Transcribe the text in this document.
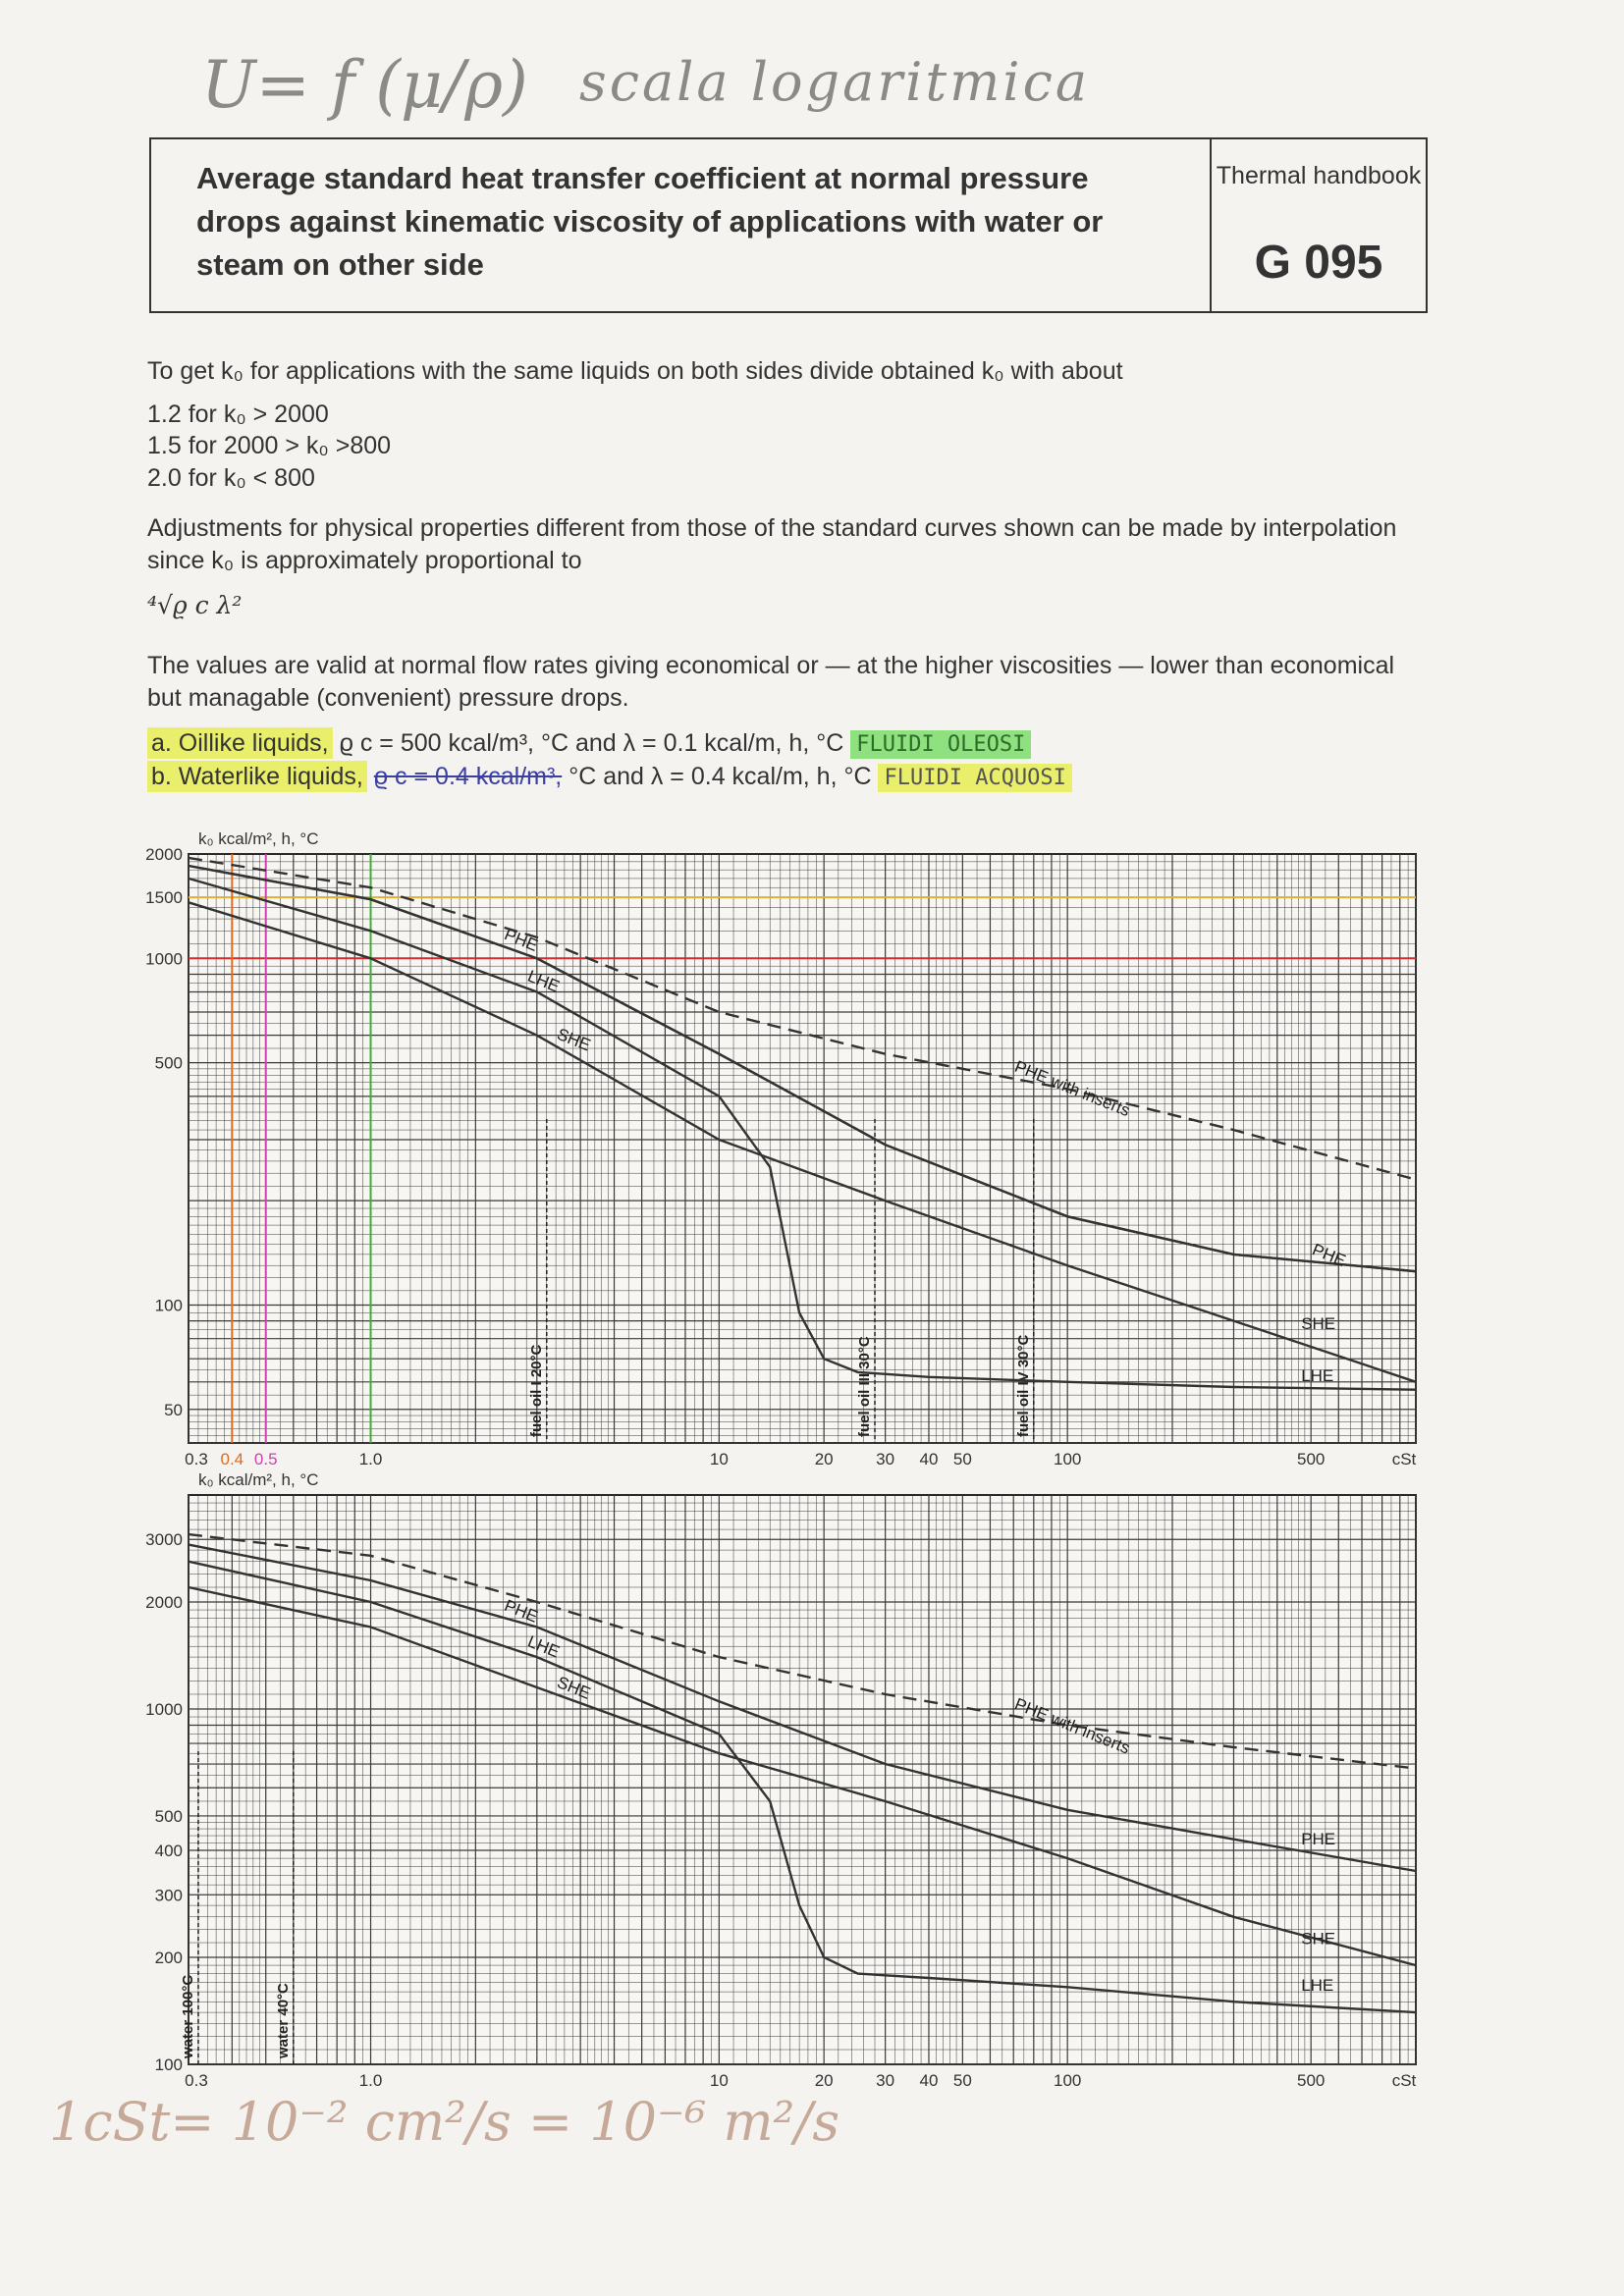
U= f (μ/ρ) scala logaritmica
Average standard heat transfer coefficient at normal pressure drops against kinematic viscosity of applications with water or steam on other side
Thermal handbook
G 095
To get k₀ for applications with the same liquids on both sides divide obtained k₀ with about
1.2 for k₀ > 2000
1.5 for 2000 > k₀ >800
2.0 for k₀ < 800
Adjustments for physical properties different from those of the standard curves shown can be made by interpolation since k₀ is approximately proportional to
⁴√ϱ c λ²
The values are valid at normal flow rates giving economical or — at the higher viscosities — lower than economical but managable (convenient) pressure drops.
a. Oillike liquids, ϱ c = 500 kcal/m³, °C and λ = 0.1 kcal/m, h, °C FLUIDI OLEOSI
b. Waterlike liquids, ϱ c = 0.4 kcal/m³, °C and λ = 0.4 kcal/m, h, °C FLUIDI ACQUOSI
k₀ kcal/m², h, °C
2000
1500
1000
500
100
50
0.3	1.0	10	20	30 40 50	100	500
0.4 0.5	cSt
fuel oil I 20°C	fuel oil III 30°C	fuel oil IV 30°C
PHE
LHE
SHE
PHE with inserts
PHE
SHE
LHE
k₀ kcal/m², h, °C
3000
2000
1000
500
400
300
200
100
0.3	1.0	10	20	30 40 50	100	500	cSt
water 100°C	water 40°C
PHE
LHE
SHE
PHE with inserts
PHE
SHE
LHE
1cSt= 10⁻² cm²/s = 10⁻⁶ m²/s
